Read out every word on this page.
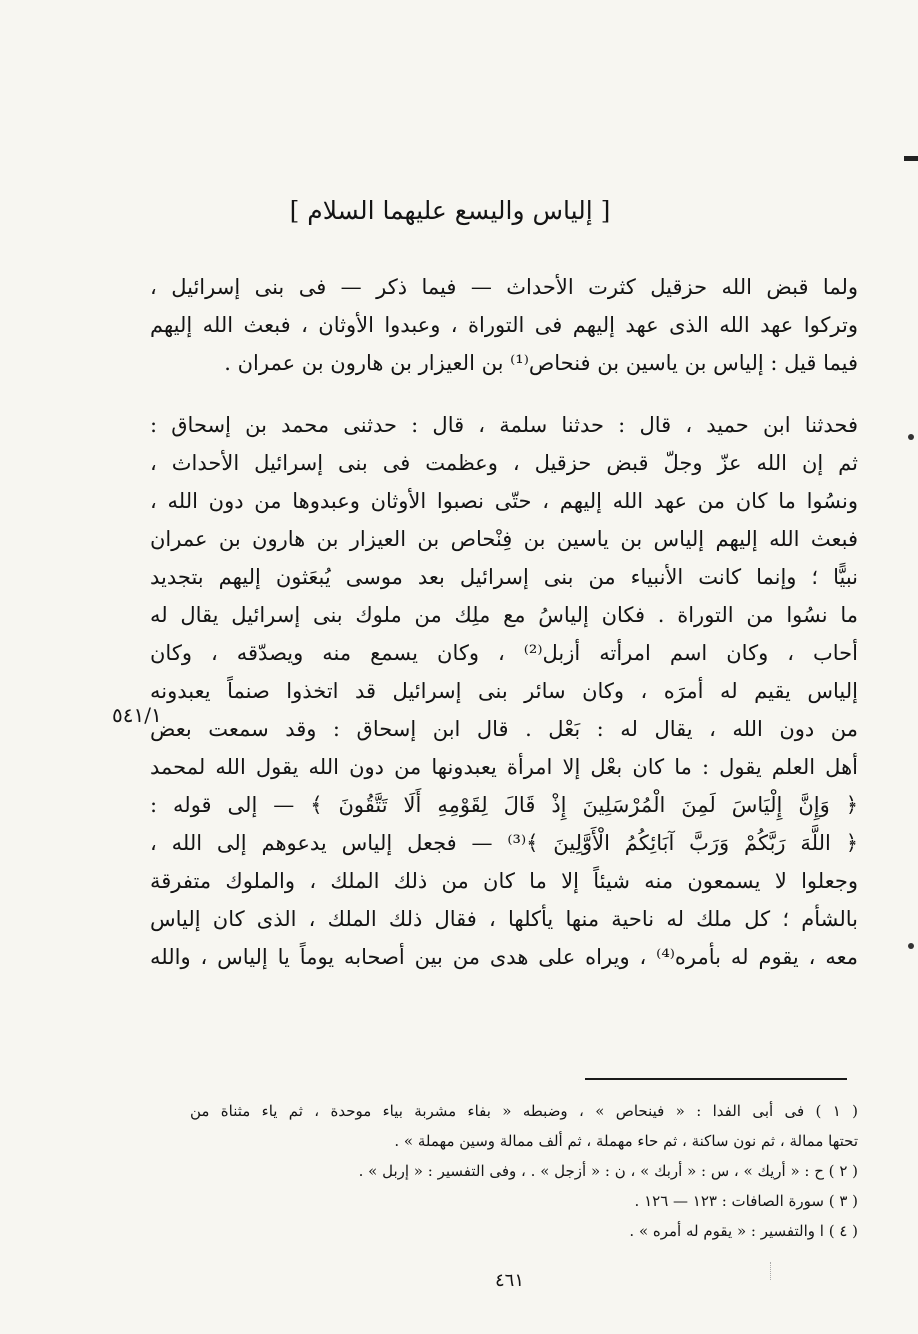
[ إلياس واليسع عليهما السلام ]
ولما قبض الله حزقيل كثرت الأحداث — فيما ذكر — فى بنى إسرائيل ،
وتركوا عهد الله الذى عهد إليهم فى التوراة ، وعبدوا الأوثان ، فبعث الله إليهم
فيما قيل : إلياس بن ياسين بن فنحاص⁽¹⁾ بن العيزار بن هارون بن عمران .
فحدثنا ابن حميد ، قال : حدثنا سلمة ، قال : حدثنى محمد بن إسحاق :
ثم إن الله عزّ وجلّ قبض حزقيل ، وعظمت فى بنى إسرائيل الأحداث ،
ونسُوا ما كان من عهد الله إليهم ، حتّى نصبوا الأوثان وعبدوها من دون الله ،
فبعث الله إليهم إلياس بن ياسين بن فِنْحاص بن العيزار بن هارون بن عمران
نبيًّا ؛ وإنما كانت الأنبياء من بنى إسرائيل بعد موسى يُبعَثون إليهم بتجديد
ما نسُوا من التوراة . فكان إلياسُ مع ملِك من ملوك بنى إسرائيل يقال له
أحاب ، وكان اسم امرأته أزبل⁽²⁾ ، وكان يسمع منه ويصدّقه ، وكان
إلياس يقيم له أمرَه ، وكان سائر بنى إسرائيل قد اتخذوا صنماً يعبدونه
من دون الله ، يقال له : بَعْل . قال ابن إسحاق : وقد سمعت بعض
أهل العلم يقول : ما كان بعْل إلا امرأة يعبدونها من دون الله يقول الله لمحمد
﴿ وَإِنَّ إِلْيَاسَ لَمِنَ الْمُرْسَلِينَ إِذْ قَالَ لِقَوْمِهِ أَلَا تَتَّقُونَ ﴾ — إلى قوله :
﴿ اللَّهَ رَبَّكُمْ وَرَبَّ آبَائِكُمُ الْأَوَّلِينَ ﴾⁽³⁾ — فجعل إلياس يدعوهم إلى الله ،
وجعلوا لا يسمعون منه شيئاً إلا ما كان من ذلك الملك ، والملوك متفرقة
بالشأم ؛ كل ملك له ناحية منها يأكلها ، فقال ذلك الملك ، الذى كان إلياس
معه ، يقوم له بأمره⁽⁴⁾ ، ويراه على هدى من بين أصحابه يوماً يا إلياس ، والله
٥٤١/١
( ١ ) فى أبى الفدا : « فينحاص » ، وضبطه « بفاء مشربة بياء موحدة ، ثم ياء مثناة من
تحتها ممالة ، ثم نون ساكنة ، ثم حاء مهملة ، ثم ألف ممالة وسين مهملة » .
( ٢ ) ح : « أريك » ، س : « أربك » ، ن : « أزجل » . ، وفى التفسير : « إربل » .
( ٣ ) سورة الصافات : ١٢٣ — ١٢٦ .
( ٤ ) ا والتفسير : « يقوم له أمره » .
٤٦١
